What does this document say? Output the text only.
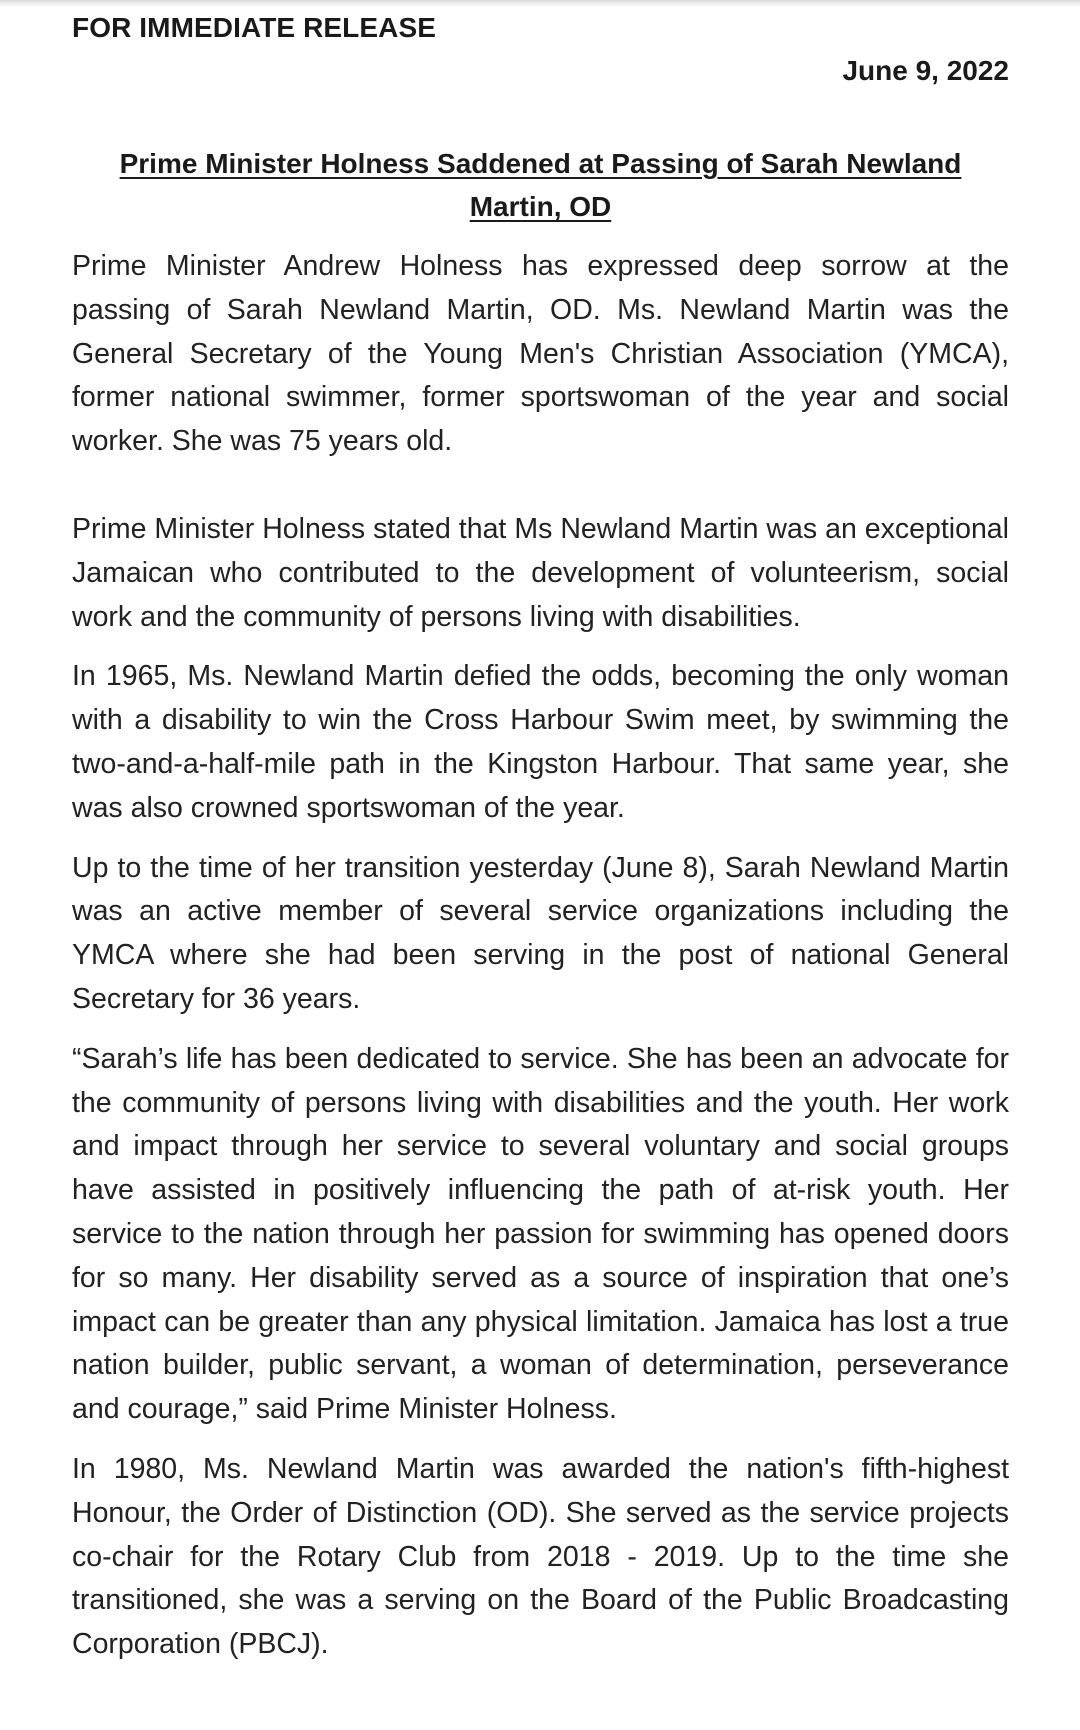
FOR IMMEDIATE RELEASE
June 9, 2022
Prime Minister Holness Saddened at Passing of Sarah Newland Martin, OD

Prime Minister Andrew Holness has expressed deep sorrow at the passing of Sarah Newland Martin, OD. Ms. Newland Martin was the General Secretary of the Young Men's Christian Association (YMCA), former national swimmer, former sportswoman of the year and social worker. She was 75 years old.

Prime Minister Holness stated that Ms Newland Martin was an exceptional Jamaican who contributed to the development of volunteerism, social work and the community of persons living with disabilities.

In 1965, Ms. Newland Martin defied the odds, becoming the only woman with a disability to win the Cross Harbour Swim meet, by swimming the two-and-a-half-mile path in the Kingston Harbour. That same year, she was also crowned sportswoman of the year.

Up to the time of her transition yesterday (June 8), Sarah Newland Martin was an active member of several service organizations including the YMCA where she had been serving in the post of national General Secretary for 36 years.

“Sarah’s life has been dedicated to service. She has been an advocate for the community of persons living with disabilities and the youth. Her work and impact through her service to several voluntary and social groups have assisted in positively influencing the path of at-risk youth. Her service to the nation through her passion for swimming has opened doors for so many. Her disability served as a source of inspiration that one’s impact can be greater than any physical limitation. Jamaica has lost a true nation builder, public servant, a woman of determination, perseverance and courage,” said Prime Minister Holness.

In 1980, Ms. Newland Martin was awarded the nation's fifth-highest Honour, the Order of Distinction (OD). She served as the service projects co-chair for the Rotary Club from 2018 - 2019. Up to the time she transitioned, she was a serving on the Board of the Public Broadcasting Corporation (PBCJ).
